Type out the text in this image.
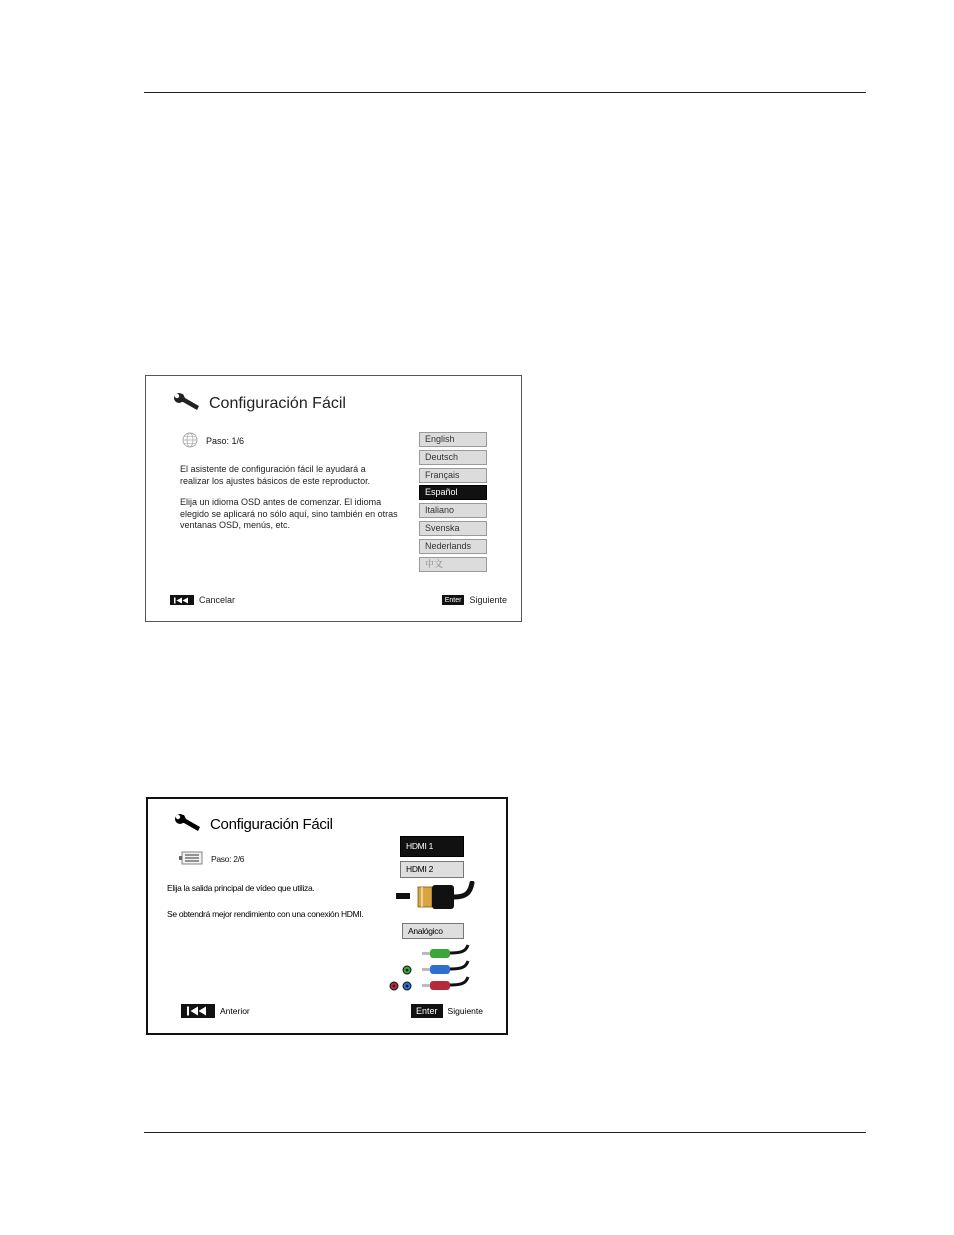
Configuración Fácil
Paso: 1/6
El asistente de configuración fácil le ayudará a realizar los ajustes básicos de este reproductor.
Elija un idioma OSD antes de comenzar. El idioma elegido se aplicará no sólo aquí, sino también en otras ventanas OSD, menús, etc.
English
Deutsch
Français
Español
Italiano
Svenska
Nederlands
中文
Cancelar	Enter Siguiente
Configuración Fácil
Paso: 2/6
Elija la salida principal de vídeo que utiliza.
Se obtendrá mejor rendimiento con una conexión HDMI.
HDMI 1
HDMI 2
Analógico
Anterior	Enter	Siguiente
